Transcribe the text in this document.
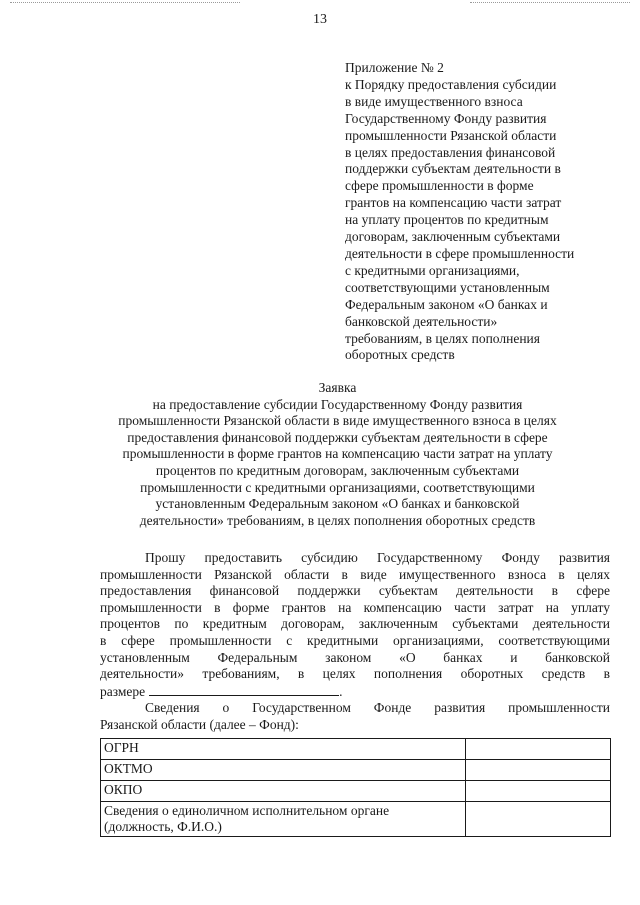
13
Приложение № 2
к Порядку предоставления субсидии
в виде имущественного взноса
Государственному Фонду развития
промышленности Рязанской области
в целях предоставления финансовой
поддержки субъектам деятельности в
сфере промышленности в форме
грантов на компенсацию части затрат
на уплату процентов по кредитным
договорам, заключенным субъектами
деятельности в сфере промышленности
с кредитными организациями,
соответствующими установленным
Федеральным законом «О банках и
банковской деятельности»
требованиям, в целях пополнения
оборотных средств
Заявка
на предоставление субсидии Государственному Фонду развития
промышленности Рязанской области в виде имущественного взноса в целях
предоставления финансовой поддержки субъектам деятельности в сфере
промышленности в форме грантов на компенсацию части затрат на уплату
процентов по кредитным договорам, заключенным субъектами
промышленности с кредитными организациями, соответствующими
установленным Федеральным законом «О банках и банковской
деятельности» требованиям, в целях пополнения оборотных средств
Прошу предоставить субсидию Государственному Фонду развития
промышленности Рязанской области в виде имущественного взноса в целях
предоставления финансовой поддержки субъектам деятельности в сфере
промышленности в форме грантов на компенсацию части затрат на уплату
процентов по кредитным договорам, заключенным субъектами деятельности
в сфере промышленности с кредитными организациями, соответствующими
установленным Федеральным законом «О банках и банковской
деятельности» требованиям, в целях пополнения оборотных средств в
размере	.
Сведения о Государственном Фонде развития промышленности
Рязанской области (далее – Фонд):
ОГРН	
ОКТМО	
ОКПО	
Сведения о единоличном исполнительном органе (должность, Ф.И.О.)	
